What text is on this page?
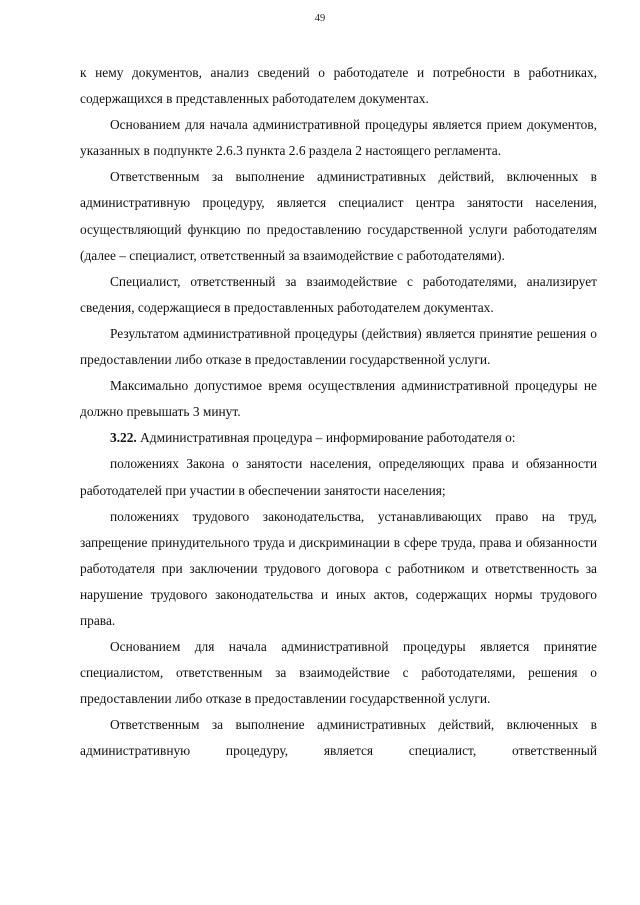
49

к нему документов, анализ сведений о работодателе и потребности в работниках, содержащихся в представленных работодателем документах.

Основанием для начала административной процедуры является прием документов, указанных в подпункте 2.6.3 пункта 2.6 раздела 2 настоящего регламента.

Ответственным за выполнение административных действий, включенных в административную процедуру, является специалист центра занятости населения, осуществляющий функцию по предоставлению государственной услуги работодателям (далее – специалист, ответственный за взаимодействие с работодателями).

Специалист, ответственный за взаимодействие с работодателями, анализирует сведения, содержащиеся в предоставленных работодателем документах.

Результатом административной процедуры (действия) является принятие решения о предоставлении либо отказе в предоставлении государственной услуги.

Максимально допустимое время осуществления административной процедуры не должно превышать 3 минут.

3.22. Административная процедура – информирование работодателя о:

положениях Закона о занятости населения, определяющих права и обязанности работодателей при участии в обеспечении занятости населения;

положениях трудового законодательства, устанавливающих право на труд, запрещение принудительного труда и дискриминации в сфере труда, права и обязанности работодателя при заключении трудового договора с работником и ответственность за нарушение трудового законодательства и иных актов, содержащих нормы трудового права.

Основанием для начала административной процедуры является принятие специалистом, ответственным за взаимодействие с работодателями, решения о предоставлении либо отказе в предоставлении государственной услуги.

Ответственным за выполнение административных действий, включенных в административную процедуру, является специалист, ответственный
